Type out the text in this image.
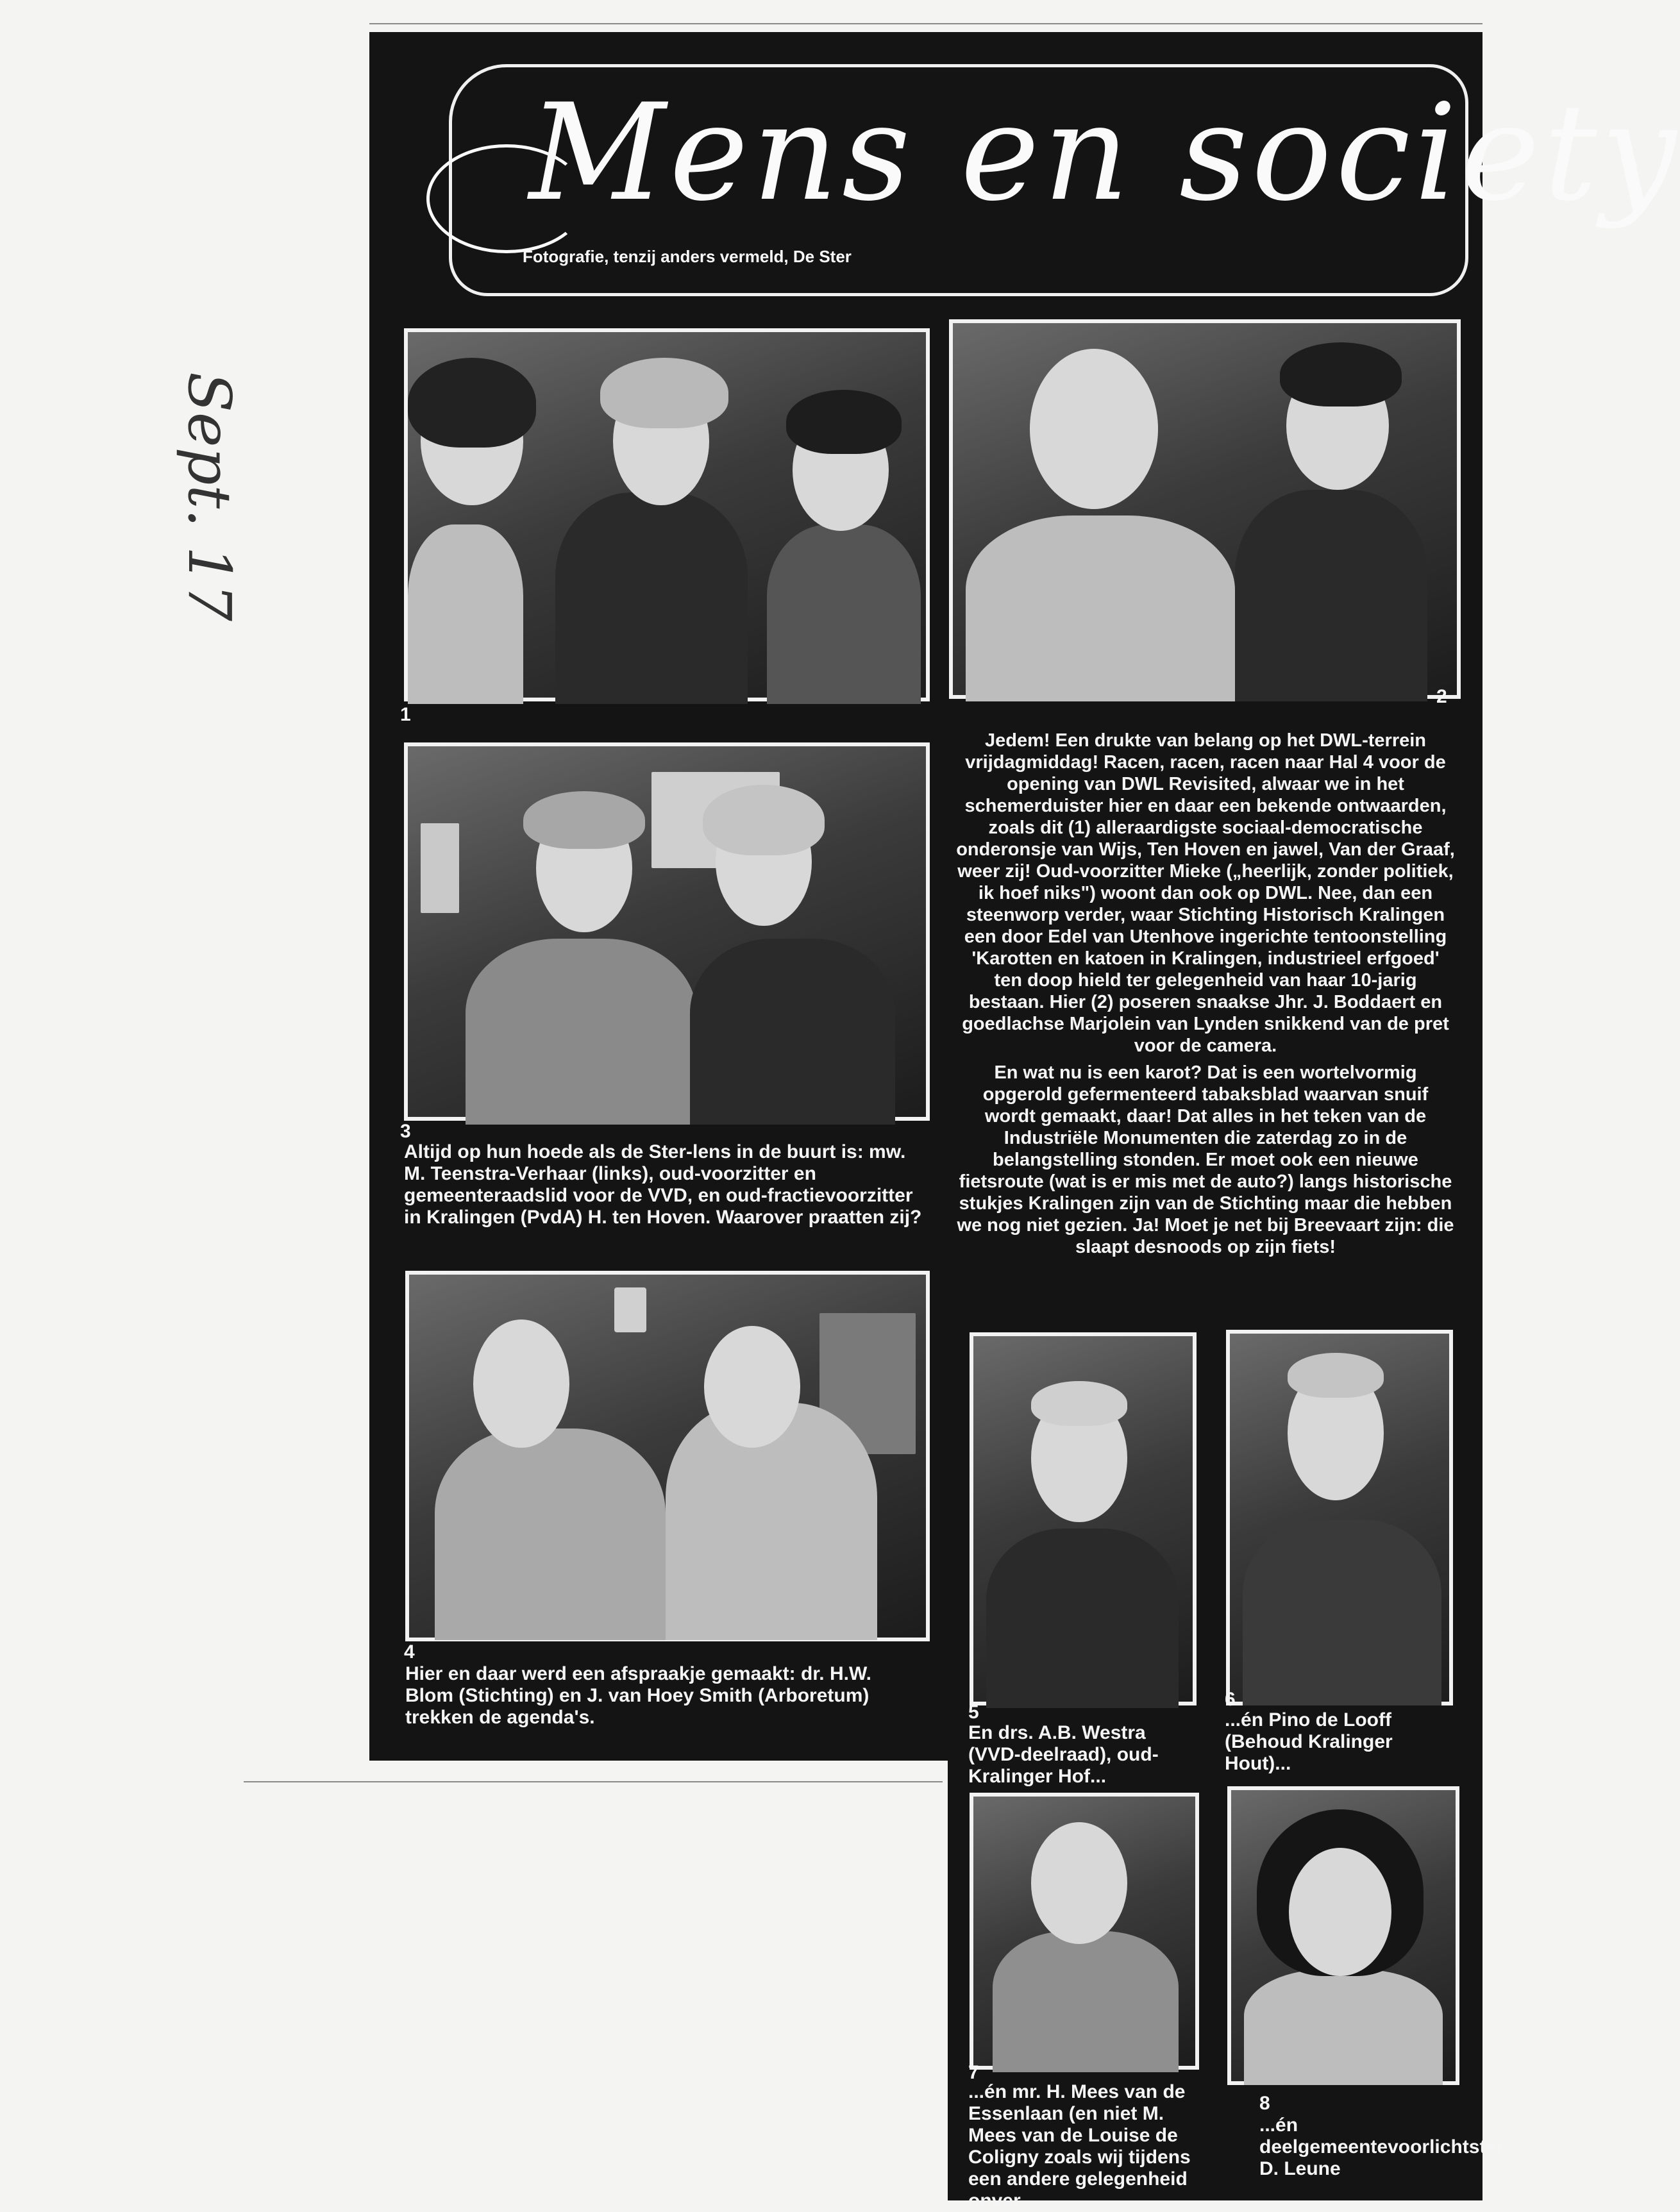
Sept. 17
Mens en society
Fotografie, tenzij anders vermeld, De Ster
1
2
3
Altijd op hun hoede als de Ster-lens in de buurt is: mw. M. Teenstra-Verhaar (links), oud-voorzitter en gemeenteraadslid voor de VVD, en oud-fractievoorzitter in Kralingen (PvdA) H. ten Hoven. Waarover praatten zij?
4
Hier en daar werd een afspraakje gemaakt: dr. H.W. Blom (Stichting) en J. van Hoey Smith (Arboretum) trekken de agenda's.

Jedem! Een drukte van belang op het DWL-terrein vrijdagmiddag! Racen, racen, racen naar Hal 4 voor de opening van DWL Revisited, alwaar we in het schemerduister hier en daar een bekende ontwaarden, zoals dit (1) alleraardigste sociaal-democratische onderonsje van Wijs, Ten Hoven en jawel, Van der Graaf, weer zij! Oud-voorzitter Mieke („heerlijk, zonder politiek, ik hoef niks") woont dan ook op DWL. Nee, dan een steenworp verder, waar Stichting Historisch Kralingen een door Edel van Utenhove ingerichte tentoonstelling 'Karotten en katoen in Kralingen, industrieel erfgoed' ten doop hield ter gelegenheid van haar 10-jarig bestaan. Hier (2) poseren snaakse Jhr. J. Boddaert en goedlachse Marjolein van Lynden snikkend van de pret voor de camera.

En wat nu is een karot? Dat is een wortelvormig opgerold gefermenteerd tabaksblad waarvan snuif wordt gemaakt, daar! Dat alles in het teken van de Industriële Monumenten die zaterdag zo in de belangstelling stonden. Er moet ook een nieuwe fietsroute (wat is er mis met de auto?) langs historische stukjes Kralingen zijn van de Stichting maar die hebben we nog niet gezien. Ja! Moet je net bij Breevaart zijn: die slaapt desnoods op zijn fiets!

5
En drs. A.B. Westra (VVD-deelraad), oud-Kralinger Hof...
6
...én Pino de Looff (Behoud Kralinger Hout)...
7
...én mr. H. Mees van de Essenlaan (en niet M. Mees van de Louise de Coligny zoals wij tijdens een andere gelegenheid onver-
8
...én deelgemeentevoorlichtster D. Leune
